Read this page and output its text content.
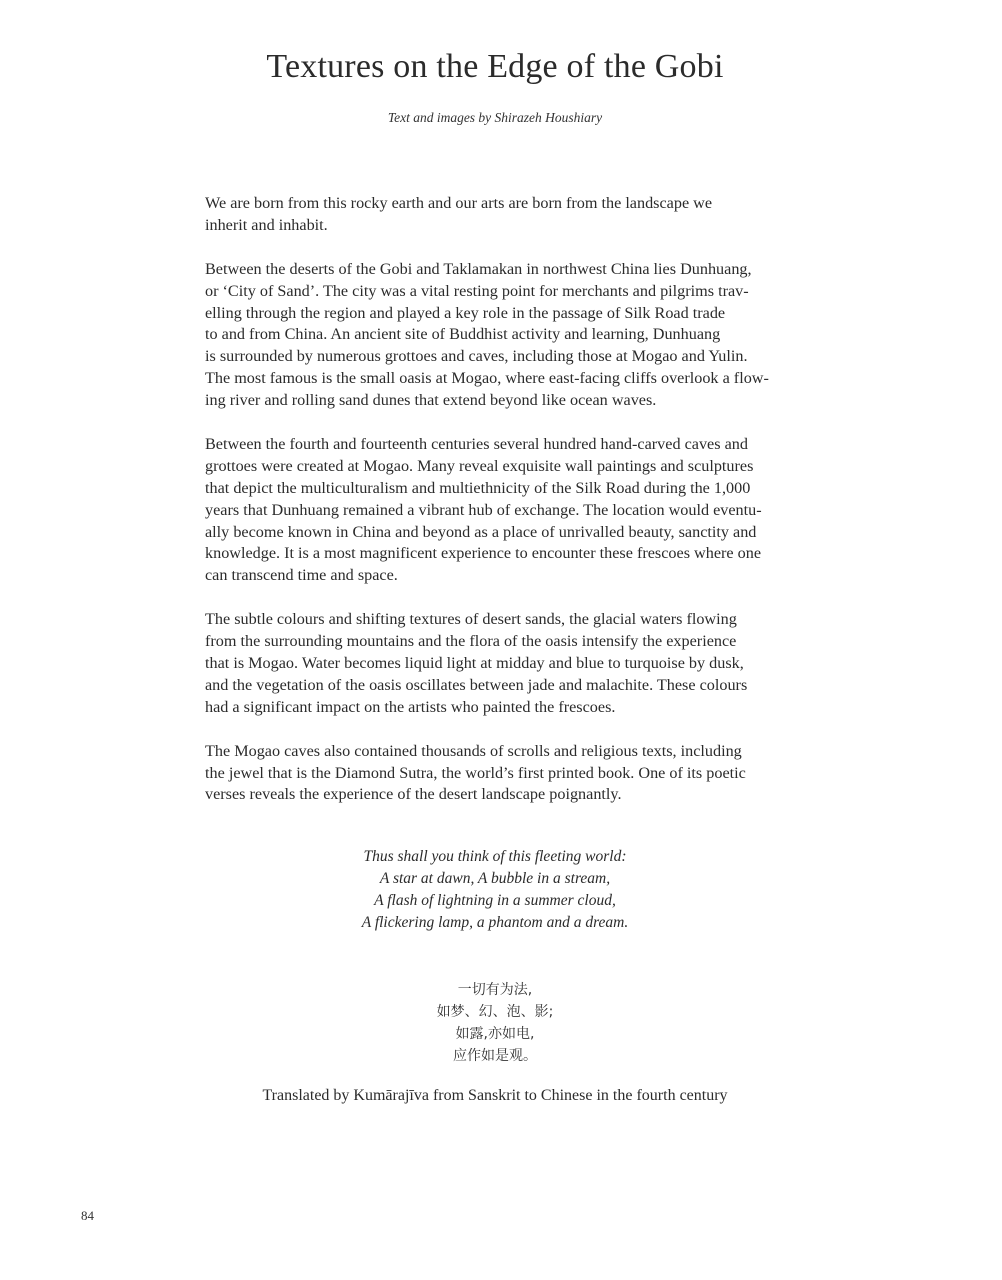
Textures on the Edge of the Gobi
Text and images by Shirazeh Houshiary

We are born from this rocky earth and our arts are born from the landscape we
inherit and inhabit.

Between the deserts of the Gobi and Taklamakan in northwest China lies Dunhuang,
or ‘City of Sand’. The city was a vital resting point for merchants and pilgrims trav-
elling through the region and played a key role in the passage of Silk Road trade
to and from China. An ancient site of Buddhist activity and learning, Dunhuang
is surrounded by numerous grottoes and caves, including those at Mogao and Yulin.
The most famous is the small oasis at Mogao, where east-facing cliffs overlook a flow-
ing river and rolling sand dunes that extend beyond like ocean waves.

Between the fourth and fourteenth centuries several hundred hand-carved caves and
grottoes were created at Mogao. Many reveal exquisite wall paintings and sculptures
that depict the multiculturalism and multiethnicity of the Silk Road during the 1,000
years that Dunhuang remained a vibrant hub of exchange. The location would eventu-
ally become known in China and beyond as a place of unrivalled beauty, sanctity and
knowledge. It is a most magnificent experience to encounter these frescoes where one
can transcend time and space.

The subtle colours and shifting textures of desert sands, the glacial waters flowing
from the surrounding mountains and the flora of the oasis intensify the experience
that is Mogao. Water becomes liquid light at midday and blue to turquoise by dusk,
and the vegetation of the oasis oscillates between jade and malachite. These colours
had a significant impact on the artists who painted the frescoes.

The Mogao caves also contained thousands of scrolls and religious texts, including
the jewel that is the Diamond Sutra, the world’s first printed book. One of its poetic
verses reveals the experience of the desert landscape poignantly.

Thus shall you think of this fleeting world:
A star at dawn, A bubble in a stream,
A flash of lightning in a summer cloud,
A flickering lamp, a phantom and a dream.
一切有为法,
如梦、幻、泡、影;
如露,亦如电,
应作如是观。
Translated by Kumārajīva from Sanskrit to Chinese in the fourth century
84
